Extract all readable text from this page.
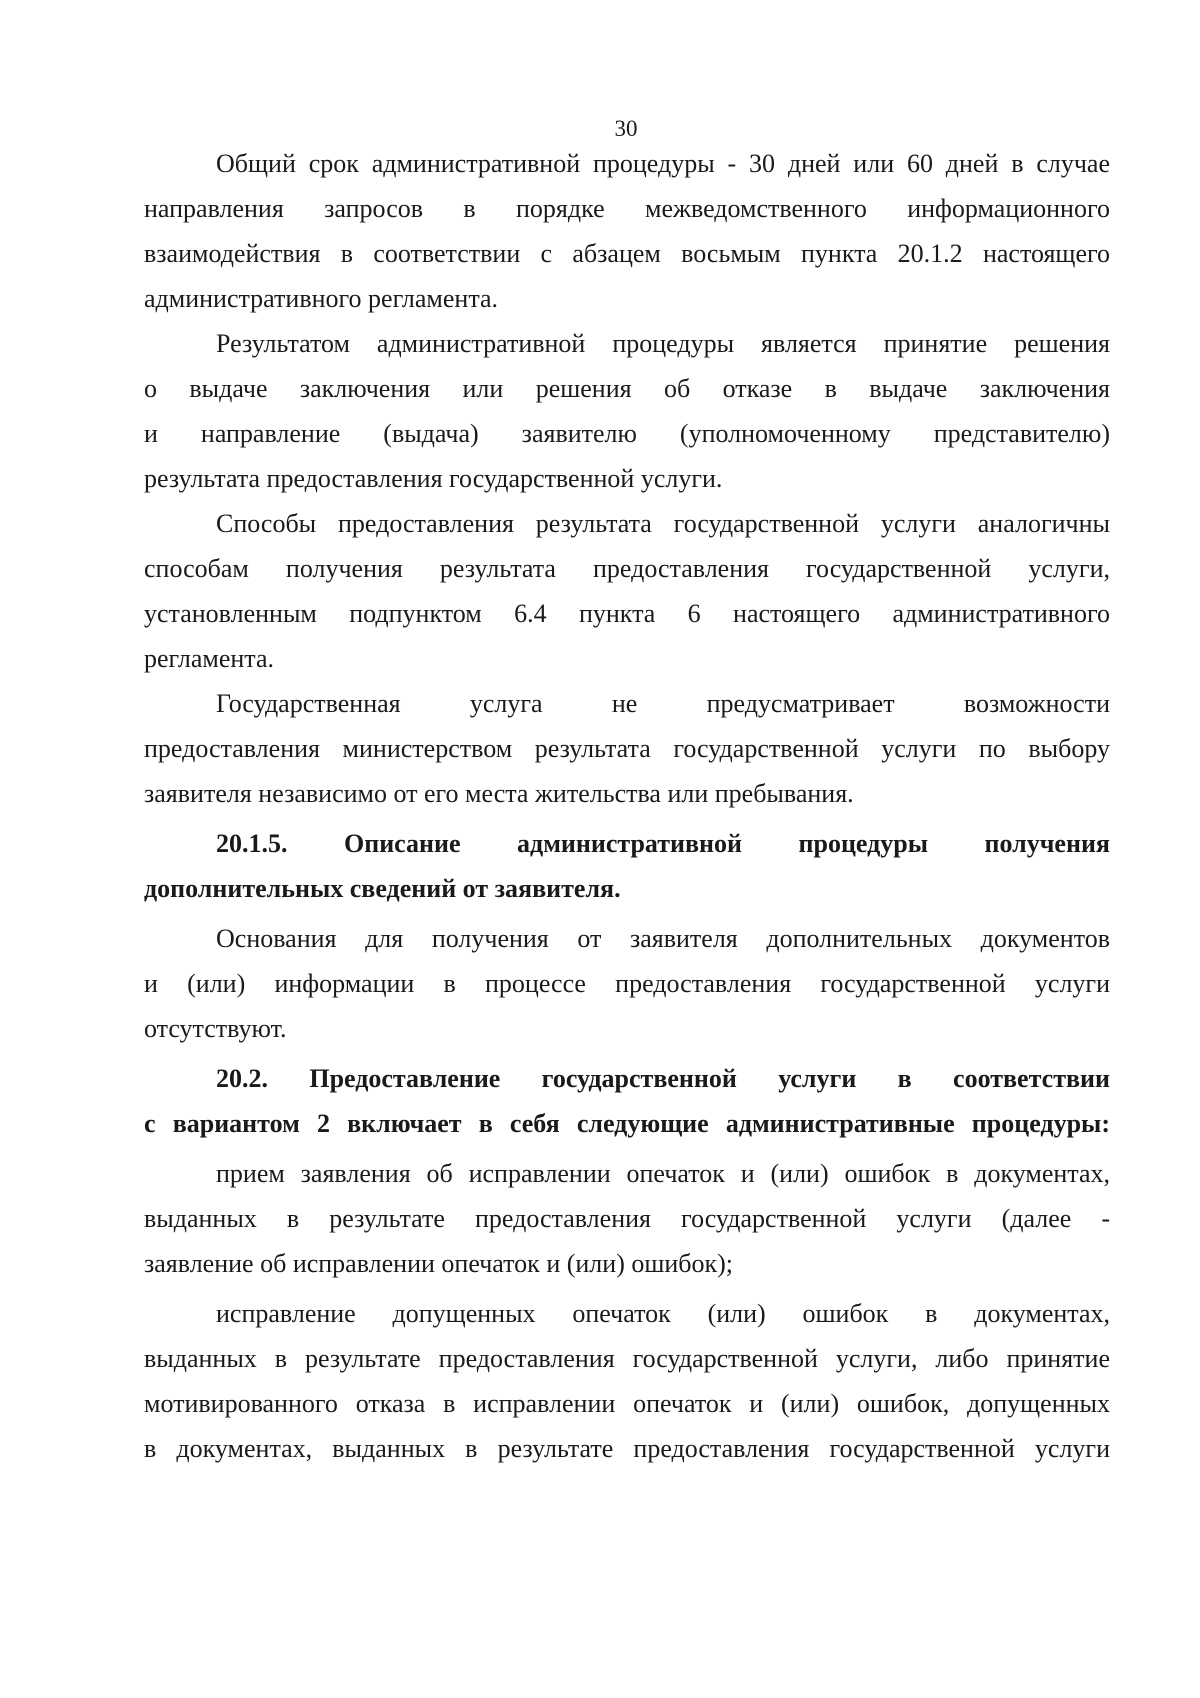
30
Общий срок административной процедуры - 30 дней или 60 дней в случае
направления запросов в порядке межведомственного информационного
взаимодействия в соответствии с абзацем восьмым пункта 20.1.2 настоящего
административного регламента.
Результатом административной процедуры является принятие решения
о выдаче заключения или решения об отказе в выдаче заключения
и направление (выдача) заявителю (уполномоченному представителю)
результата предоставления государственной услуги.
Способы предоставления результата государственной услуги аналогичны
способам получения результата предоставления государственной услуги,
установленным подпунктом 6.4 пункта 6 настоящего административного
регламента.
Государственная услуга не предусматривает возможности
предоставления министерством результата государственной услуги по выбору
заявителя независимо от его места жительства или пребывания.
20.1.5. Описание административной процедуры получения
дополнительных сведений от заявителя.
Основания для получения от заявителя дополнительных документов
и (или) информации в процессе предоставления государственной услуги
отсутствуют.
20.2. Предоставление государственной услуги в соответствии
с вариантом 2 включает в себя следующие административные процедуры:
прием заявления об исправлении опечаток и (или) ошибок в документах,
выданных в результате предоставления государственной услуги (далее -
заявление об исправлении опечаток и (или) ошибок);
исправление допущенных опечаток (или) ошибок в документах,
выданных в результате предоставления государственной услуги, либо принятие
мотивированного отказа в исправлении опечаток и (или) ошибок, допущенных
в документах, выданных в результате предоставления государственной услуги
